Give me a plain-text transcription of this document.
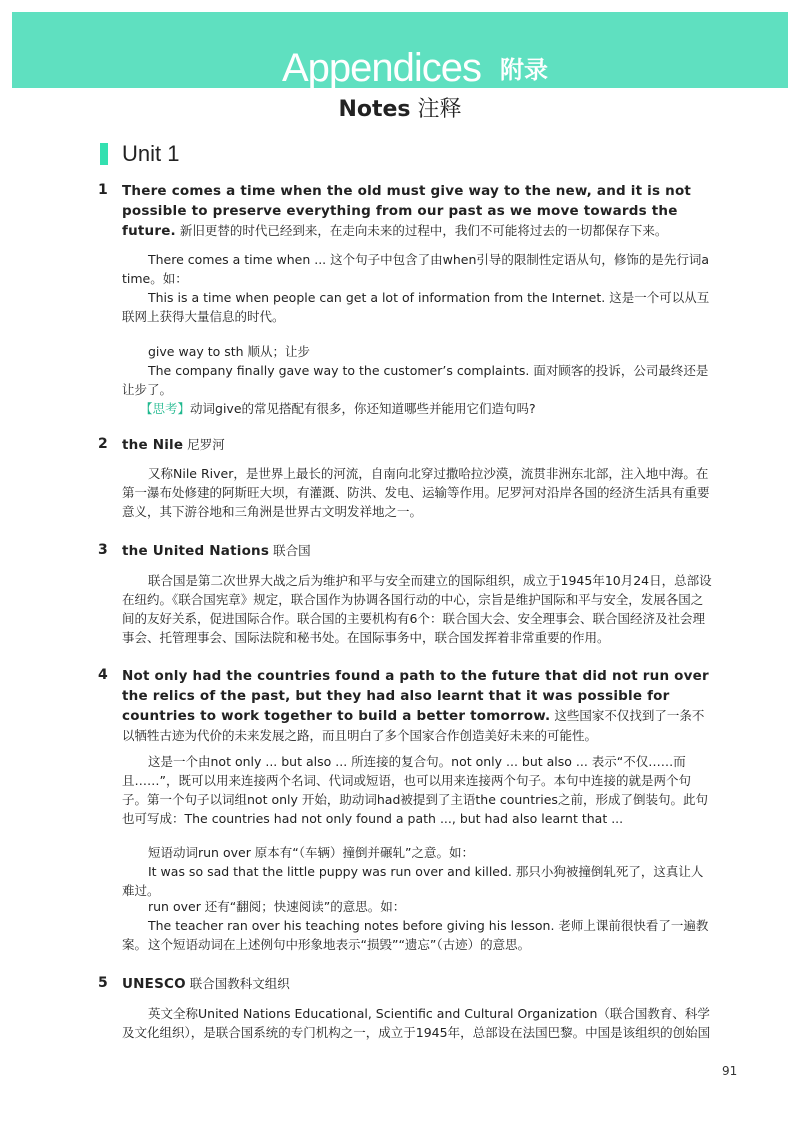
Appendices 附录
Notes 注释
Unit 1
1 There comes a time when the old must give way to the new, and it is not possible to preserve everything from our past as we move towards the future. 新旧更替的时代已经到来，在走向未来的过程中，我们不可能将过去的一切都保存下来。

There comes a time when ... 这个句子中包含了由when引导的限制性定语从句，修饰的是先行词a time。如：

This is a time when people can get a lot of information from the Internet. 这是一个可以从互联网上获得大量信息的时代。

give way to sth 顺从；让步

The company finally gave way to the customer’s complaints. 面对顾客的投诉，公司最终还是让步了。

【思考】动词give的常见搭配有很多，你还知道哪些并能用它们造句吗?

2 the Nile 尼罗河

又称Nile River，是世界上最长的河流，自南向北穿过撒哈拉沙漠，流贯非洲东北部，注入地中海。在第一瀑布处修建的阿斯旺大坝，有灌溉、防洪、发电、运输等作用。尼罗河对沿岸各国的经济生活具有重要意义，其下游谷地和三角洲是世界古文明发祥地之一。

3 the United Nations 联合国

联合国是第二次世界大战之后为维护和平与安全而建立的国际组织，成立于1945年10月24日，总部设在纽约。《联合国宪章》规定，联合国作为协调各国行动的中心，宗旨是维护国际和平与安全，发展各国之间的友好关系，促进国际合作。联合国的主要机构有6个：联合国大会、安全理事会、联合国经济及社会理事会、托管理事会、国际法院和秘书处。在国际事务中，联合国发挥着非常重要的作用。

4 Not only had the countries found a path to the future that did not run over the relics of the past, but they had also learnt that it was possible for countries to work together to build a better tomorrow. 这些国家不仅找到了一条不以牺牲古迹为代价的未来发展之路，而且明白了多个国家合作创造美好未来的可能性。

这是一个由not only ... but also ... 所连接的复合句。not only ... but also ... 表示“不仅……而且……”，既可以用来连接两个名词、代词或短语，也可以用来连接两个句子。本句中连接的就是两个句子。第一个句子以词组not only 开始，助动词had被提到了主语the countries之前，形成了倒装句。此句也可写成：The countries had not only found a path ..., but had also learnt that ...

短语动词run over 原本有“（车辆）撞倒并碾轧”之意。如：

It was so sad that the little puppy was run over and killed. 那只小狗被撞倒轧死了，这真让人难过。

run over 还有“翻阅；快速阅读”的意思。如：

The teacher ran over his teaching notes before giving his lesson. 老师上课前很快看了一遍教案。 这个短语动词在上述例句中形象地表示“损毁”“遗忘”（古迹）的意思。

5 UNESCO 联合国教科文组织

英文全称United Nations Educational, Scientific and Cultural Organization（联合国教育、科学及文化组织），是联合国系统的专门机构之一，成立于1945年，总部设在法国巴黎。中国是该组织的创始国

91
